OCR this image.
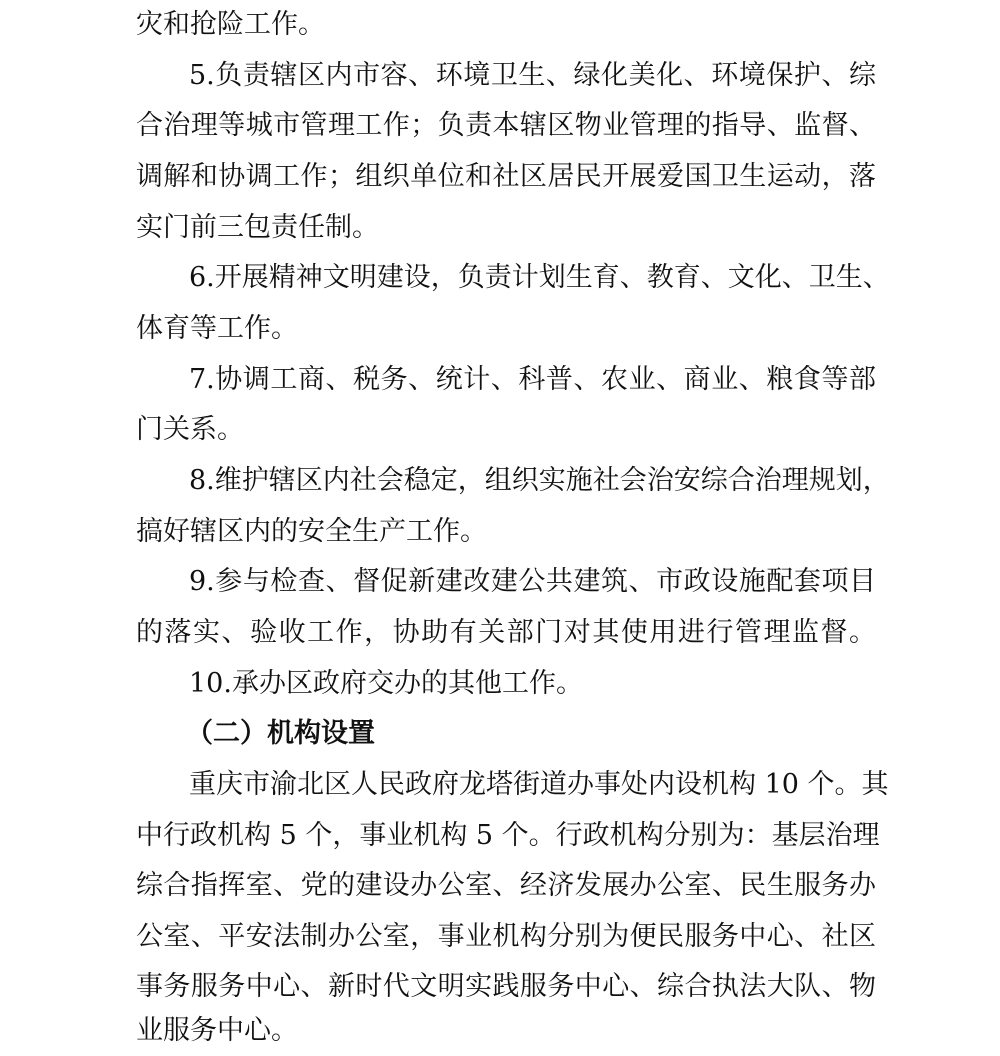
灾和抢险工作。
5.负责辖区内市容、环境卫生、绿化美化、环境保护、综
合治理等城市管理工作；负责本辖区物业管理的指导、监督、
调解和协调工作；组织单位和社区居民开展爱国卫生运动，落
实门前三包责任制。
6.开展精神文明建设，负责计划生育、教育、文化、卫生、
体育等工作。
7.协调工商、税务、统计、科普、农业、商业、粮食等部
门关系。
8.维护辖区内社会稳定，组织实施社会治安综合治理规划，
搞好辖区内的安全生产工作。
9.参与检查、督促新建改建公共建筑、市政设施配套项目
的落实、验收工作，协助有关部门对其使用进行管理监督。
10.承办区政府交办的其他工作。
（二）机构设置
重庆市渝北区人民政府龙塔街道办事处内设机构 10 个。其
中行政机构 5 个，事业机构 5 个。行政机构分别为：基层治理
综合指挥室、党的建设办公室、经济发展办公室、民生服务办
公室、平安法制办公室，事业机构分别为便民服务中心、社区
事务服务中心、新时代文明实践服务中心、综合执法大队、物
业服务中心。
